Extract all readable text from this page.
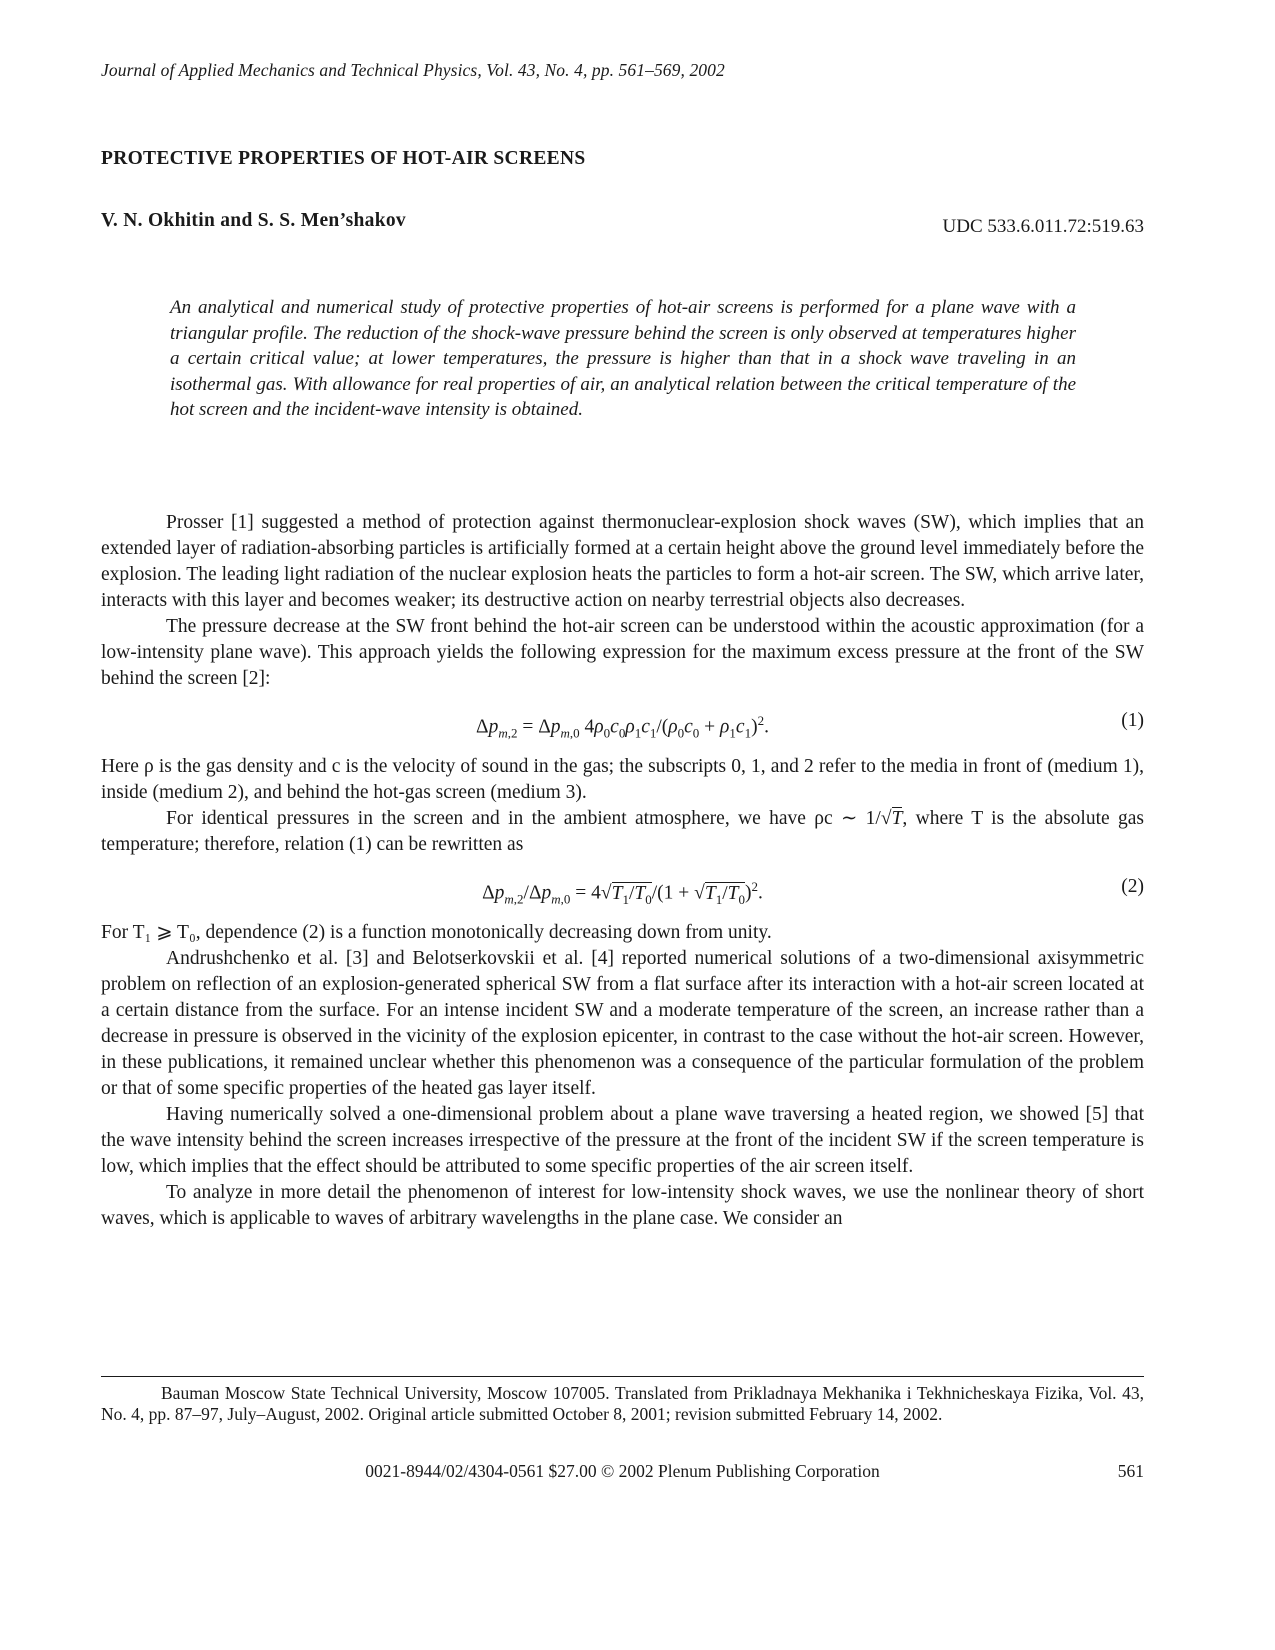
Journal of Applied Mechanics and Technical Physics, Vol. 43, No. 4, pp. 561–569, 2002
PROTECTIVE PROPERTIES OF HOT-AIR SCREENS
V. N. Okhitin and S. S. Men’shakov	UDC 533.6.011.72:519.63
An analytical and numerical study of protective properties of hot-air screens is performed for a plane wave with a triangular profile. The reduction of the shock-wave pressure behind the screen is only observed at temperatures higher a certain critical value; at lower temperatures, the pressure is higher than that in a shock wave traveling in an isothermal gas. With allowance for real properties of air, an analytical relation between the critical temperature of the hot screen and the incident-wave intensity is obtained.

Prosser [1] suggested a method of protection against thermonuclear-explosion shock waves (SW), which implies that an extended layer of radiation-absorbing particles is artificially formed at a certain height above the ground level immediately before the explosion. The leading light radiation of the nuclear explosion heats the particles to form a hot-air screen. The SW, which arrive later, interacts with this layer and becomes weaker; its destructive action on nearby terrestrial objects also decreases.

The pressure decrease at the SW front behind the hot-air screen can be understood within the acoustic approximation (for a low-intensity plane wave). This approach yields the following expression for the maximum excess pressure at the front of the SW behind the screen [2]:

$\Delta p_{m,2} = \Delta p_{m,0}$ $4\rho_0c_0\rho_1c_1/(\rho_0c_0 + \rho_1c_1)^2$.	(1)

Here ρ is the gas density and c is the velocity of sound in the gas; the subscripts 0, 1, and 2 refer to the media in front of (medium 1), inside (medium 2), and behind the hot-gas screen (medium 3).

For identical pressures in the screen and in the ambient atmosphere, we have ρc ∼ 1/√T, where T is the absolute gas temperature; therefore, relation (1) can be rewritten as

$\Delta p_{m,2}/\Delta p_{m,0} = 4√T_1/T_0/(1 + √T_1/T_0)^2$.	(2)

For T₁ ⩾ T₀, dependence (2) is a function monotonically decreasing down from unity.

Andrushchenko et al. [3] and Belotserkovskii et al. [4] reported numerical solutions of a two-dimensional axisymmetric problem on reflection of an explosion-generated spherical SW from a flat surface after its interaction with a hot-air screen located at a certain distance from the surface. For an intense incident SW and a moderate temperature of the screen, an increase rather than a decrease in pressure is observed in the vicinity of the explosion epicenter, in contrast to the case without the hot-air screen. However, in these publications, it remained unclear whether this phenomenon was a consequence of the particular formulation of the problem or that of some specific properties of the heated gas layer itself.

Having numerically solved a one-dimensional problem about a plane wave traversing a heated region, we showed [5] that the wave intensity behind the screen increases irrespective of the pressure at the front of the incident SW if the screen temperature is low, which implies that the effect should be attributed to some specific properties of the air screen itself.

To analyze in more detail the phenomenon of interest for low-intensity shock waves, we use the nonlinear theory of short waves, which is applicable to waves of arbitrary wavelengths in the plane case. We consider an

Bauman Moscow State Technical University, Moscow 107005. Translated from Prikladnaya Mekhanika i Tekhnicheskaya Fizika, Vol. 43, No. 4, pp. 87–97, July–August, 2002. Original article submitted October 8, 2001; revision submitted February 14, 2002.
0021-8944/02/4304-0561 $27.00 © 2002 Plenum Publishing Corporation	561
